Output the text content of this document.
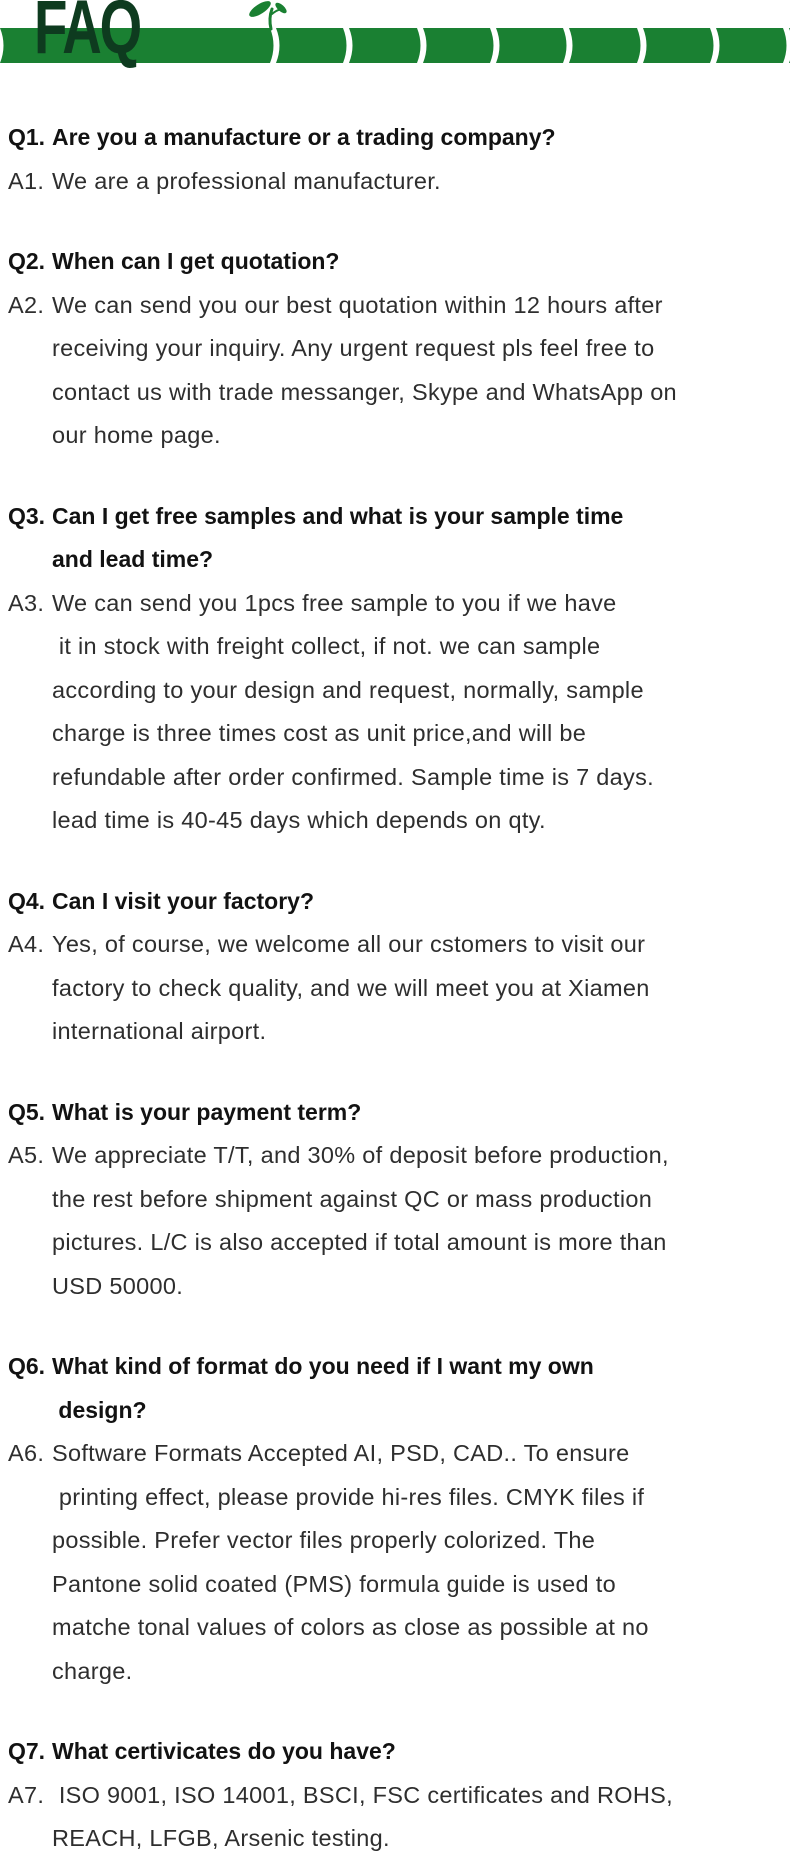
FAQ
Q1. Are you a manufacture or a trading company?
A1. We are a professional manufacturer.
Q2. When can I get quotation?
A2. We can send you our best quotation within 12 hours after
receiving your inquiry. Any urgent request pls feel free to
contact us with trade messanger, Skype and WhatsApp on
our home page.
Q3. Can I get free samples and what is your sample time
and lead time?
A3. We can send you 1pcs free sample to you if we have
it in stock with freight collect, if not. we can sample
according to your design and request, normally, sample
charge is three times cost as unit price,and will be
refundable after order confirmed. Sample time is 7 days.
lead time is 40-45 days which depends on qty.
Q4. Can I visit your factory?
A4. Yes, of course, we welcome all our cstomers to visit our
factory to check quality, and we will meet you at Xiamen
international airport.
Q5. What is your payment term?
A5. We appreciate T/T, and 30% of deposit before production,
the rest before shipment against QC or mass production
pictures. L/C is also accepted if total amount is more than
USD 50000.
Q6. What kind of format do you need if I want my own
design?
A6. Software Formats Accepted AI, PSD, CAD.. To ensure
printing effect, please provide hi-res files. CMYK files if
possible. Prefer vector files properly colorized. The
Pantone solid coated (PMS) formula guide is used to
matche tonal values of colors as close as possible at no
charge.
Q7. What certivicates do you have?
A7. ISO 9001, ISO 14001, BSCI, FSC certificates and ROHS,
REACH, LFGB, Arsenic testing.
